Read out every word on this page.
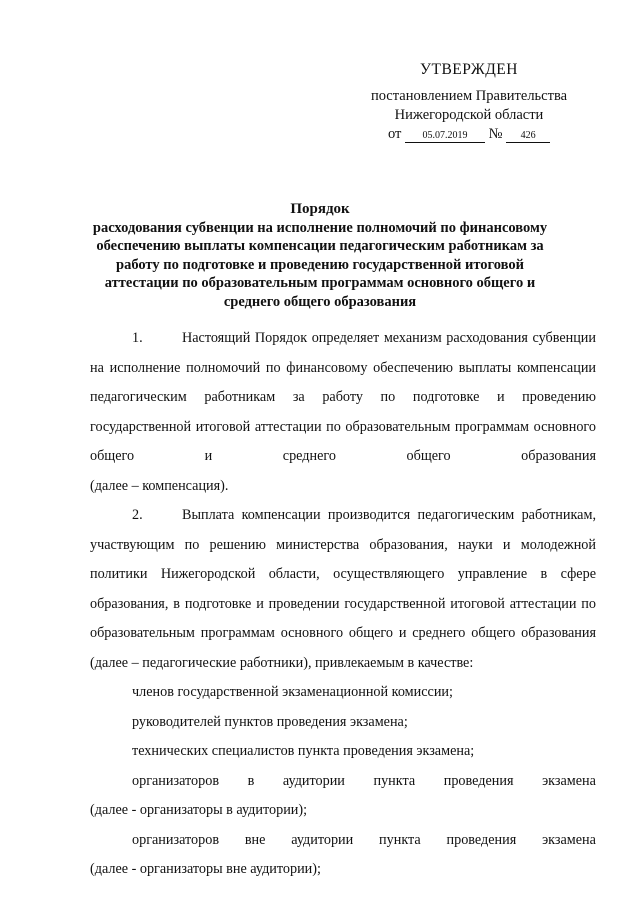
УТВЕРЖДЕН
постановлением Правительства
Нижегородской области
от 05.07.2019 № 426
Порядок
расходования субвенции на исполнение полномочий по финансовому
обеспечению выплаты компенсации педагогическим работникам за
работу по подготовке и проведению государственной итоговой
аттестации по образовательным программам основного общего и
среднего общего образования

1.	Настоящий Порядок определяет механизм расходования субвенции на исполнение полномочий по финансовому обеспечению выплаты компенсации педагогическим работникам за работу по подготовке и проведению государственной итоговой аттестации по образовательным программам основного общего и среднего общего образования

(далее – компенсация).

2.	Выплата компенсации производится педагогическим работникам, участвующим по решению министерства образования, науки и молодежной политики Нижегородской области, осуществляющего управление в сфере образования, в подготовке и проведении государственной итоговой аттестации по образовательным программам основного общего и среднего общего образования (далее – педагогические работники), привлекаемым в качестве:

членов государственной экзаменационной комиссии;

руководителей пунктов проведения экзамена;

технических специалистов пункта проведения экзамена;

организаторов в аудитории пункта проведения экзамена

(далее - организаторы в аудитории);

организаторов вне аудитории пункта проведения экзамена

(далее - организаторы вне аудитории);
